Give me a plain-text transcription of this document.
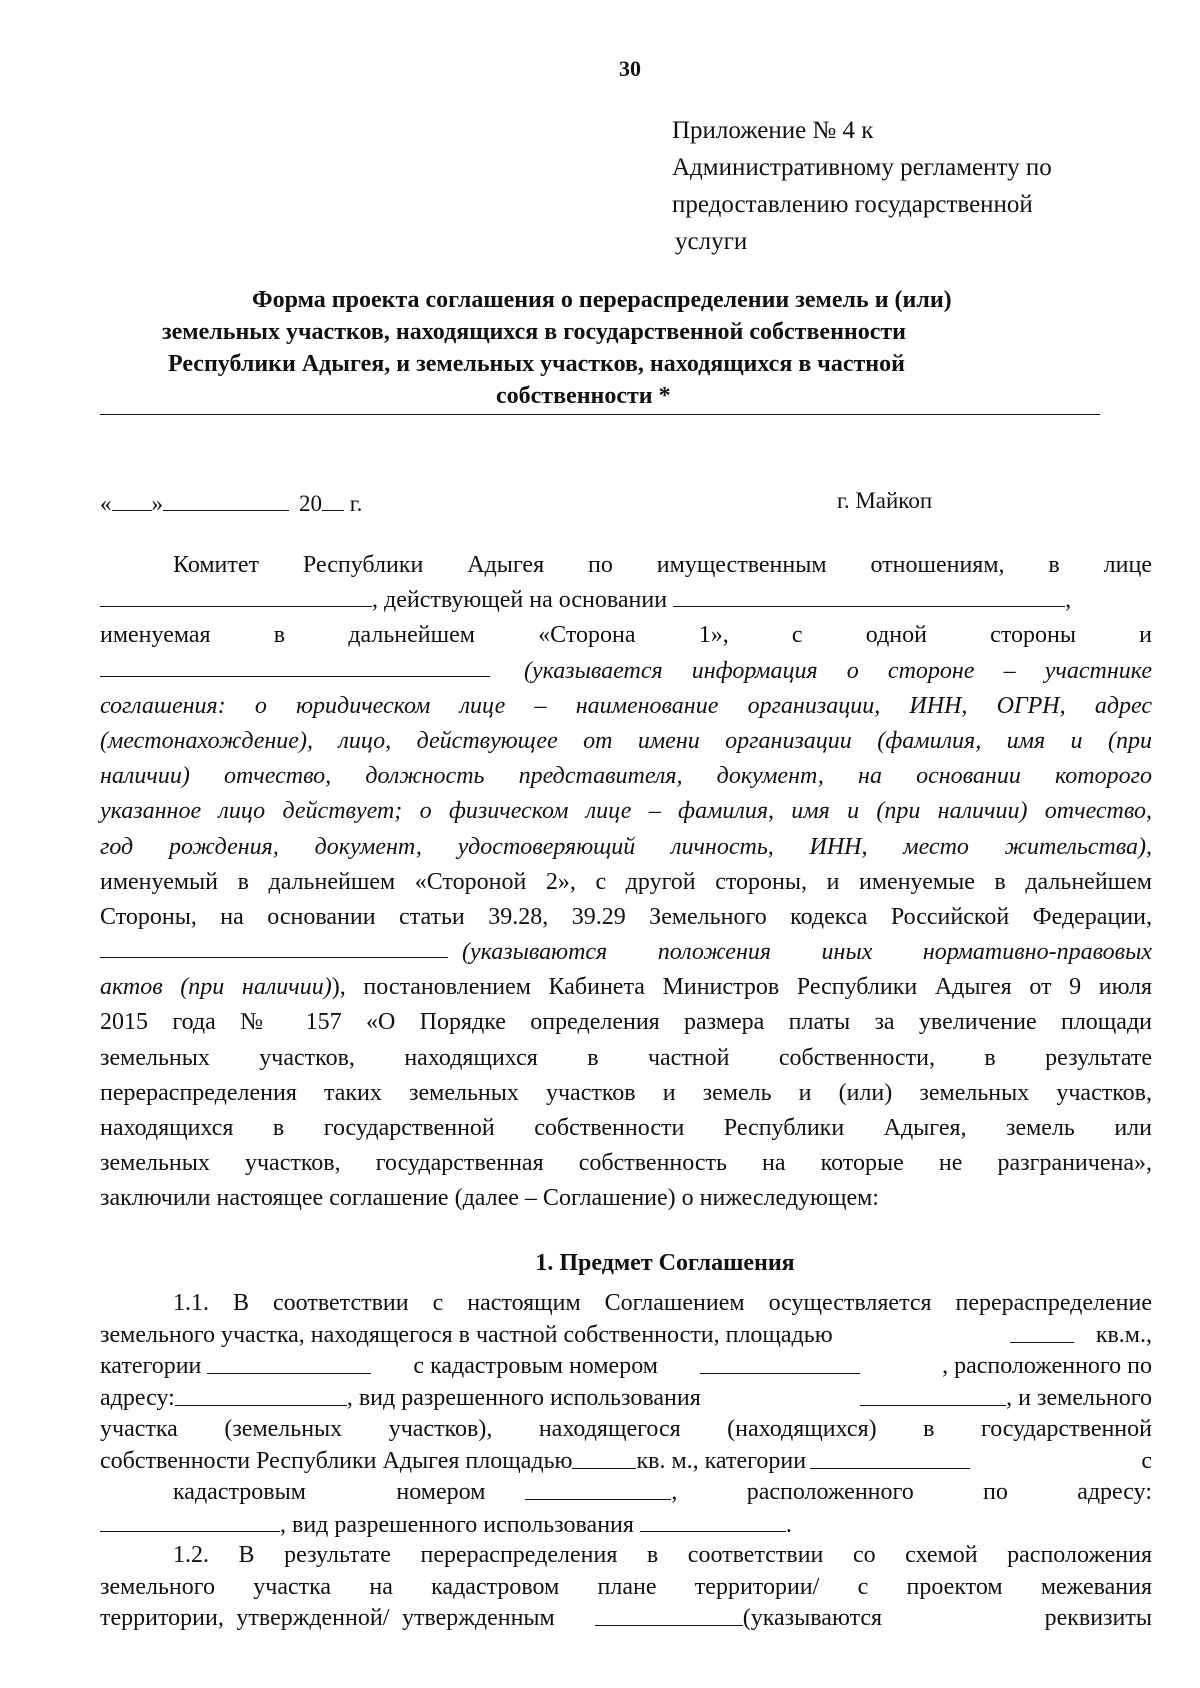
30
Приложение № 4 к
Административному регламенту по
предоставлению государственной
услуги
Форма проекта соглашения о перераспределении земель и (или)
земельных участков, находящихся в государственной собственности
Республики Адыгея, и земельных участков, находящихся в частной
собственности *
« »	20 г.	г. Майкоп
Комитет Республики Адыгея по имущественным отношениям, в лице
, действующей на основании	,
именуемая в дальнейшем «Сторона 1», с одной стороны и
(указывается информация о стороне – участнике
соглашения: о юридическом лице – наименование организации, ИНН, ОГРН, адрес
(местонахождение), лицо, действующее от имени организации (фамилия, имя и (при
наличии) отчество, должность представителя, документ, на основании которого
указанное лицо действует; о физическом лице – фамилия, имя и (при наличии) отчество,
год рождения, документ, удостоверяющий личность, ИНН, место жительства),
именуемый в дальнейшем «Стороной 2», с другой стороны, и именуемые в дальнейшем
Стороны, на основании статьи 39.28, 39.29 Земельного кодекса Российской Федерации,
(указываются положения иных нормативно-правовых
актов (при наличии)), постановлением Кабинета Министров Республики Адыгея от 9 июля
2015 года № 157 «О Порядке определения размера платы за увеличение площади
земельных участков, находящихся в частной собственности, в результате
перераспределения таких земельных участков и земель и (или) земельных участков,
находящихся в государственной собственности Республики Адыгея, земель или
земельных участков, государственная собственность на которые не разграничена»,
заключили настоящее соглашение (далее – Соглашение) о нижеследующем:
1. Предмет Соглашения
1.1. В соответствии с настоящим Соглашением осуществляется перераспределение
земельного участка, находящегося в частной собственности, площадью	кв.м.,
категории	с кадастровым номером	, расположенного по
адресу:	, вид разрешенного использования	, и земельного
участка (земельных участков), находящегося (находящихся) в государственной
собственности Республики Адыгея площадью	кв. м., категории	с
кадастровым номером	, расположенного по адресу:
, вид разрешенного использования	.
1.2. В результате перераспределения в соответствии со схемой расположения
земельного участка на кадастровом плане территории/ с проектом межевания
территории, утвержденной/ утвержденным	(указываются реквизиты
